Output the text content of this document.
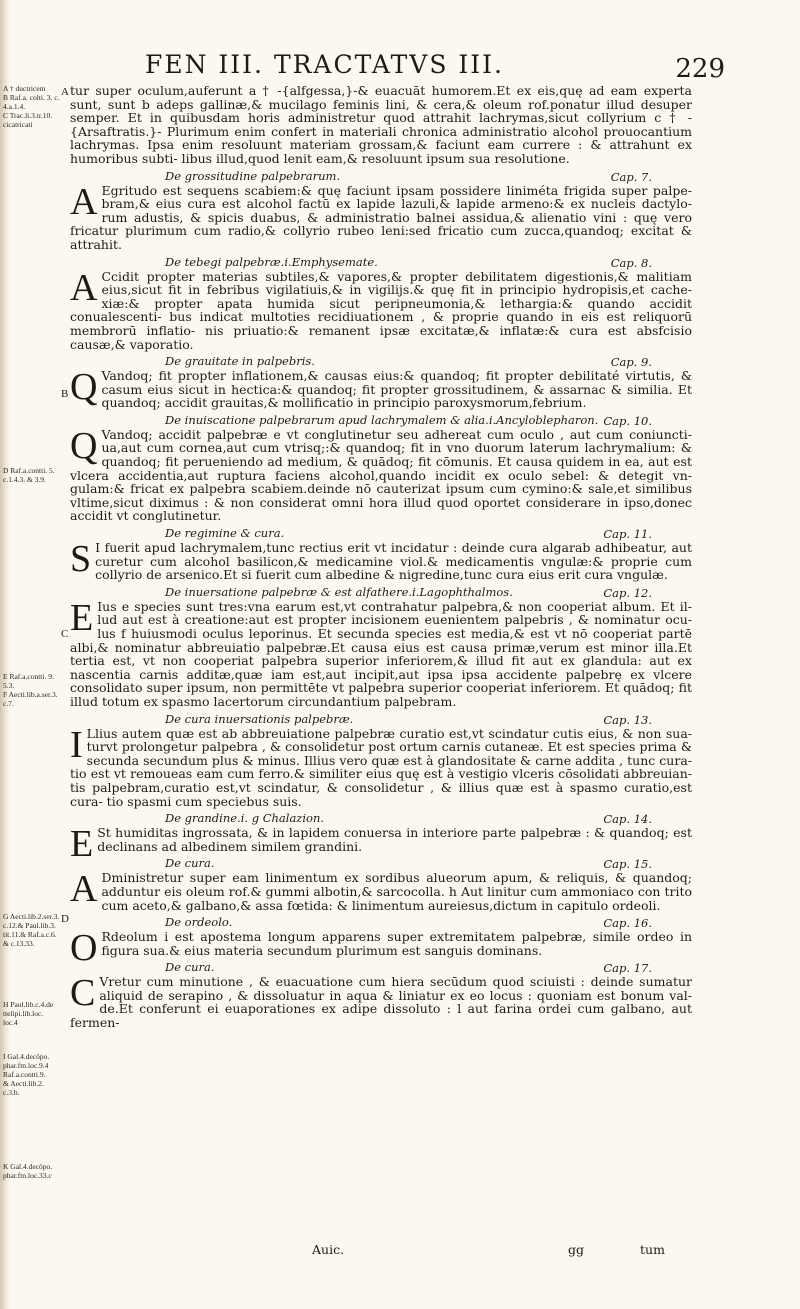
FEN III. TRACTATVS III.	229
A † ductricem
B Raf.a. colti. 3. c.
4.a.1.4.
C Trac.li.3.tr.10.
cicatricati
D Raf.a.contti. 5.
c.1.4.3. & 3.9.
E Raf.a.contti. 9.
5.3.
F Aecti.lib.a.ser.3.
c.7.
G Aecti.lib.2.ser.3.
c.12.& Paul.lib.3.
tit.11.& Raf.a.c.6.
& c.13.33.
H Paul.lib.c.4.de
ttelipi.lib.loc.
loc.4
I Gal.4.decöpo.
phar.fm.loc.9.4
Raf.a.contti.9.
& Aecti.lib.2.
c.3.b.
K Gal.4.decöpo.
phar.fm.loc.33.c
A
B
C
D

tur super oculum,auferunt a † -{alfgessa,}-& euacuāt humorem.Et ex eis,quę ad eam experta sunt, sunt b adeps gallinæ,& mucilago feminis lini, & cera,& oleum rof.ponatur illud desuper semper. Et in quibusdam horis administretur quod attrahit lachrymas,sicut collyrium c † -{Arsaftratis.}- Plurimum enim confert in materiali chronica administratio alcohol prouocantium lachrymas. Ipsa enim resoluunt materiam grossam,& faciunt eam currere : & attrahunt ex humoribus subti- libus illud,quod lenit eam,& resoluunt ipsum sua resolutione.

De grossitudine palpebrarum.	Cap. 7.

A Egritudo est sequens scabiem:& quę faciunt ipsam possidere liniméta frigida super palpe- bram,& eius cura est alcohol factū ex lapide lazuli,& lapide armeno:& ex nucleis dactylo- rum adustis, & spicis duabus, & administratio balnei assidua,& alienatio vini : quę vero fricatur plurimum cum radio,& collyrio rubeo leni:sed fricatio cum zucca,quandoq; excitat & attrahit.

De tebegi palpebræ.i.Emphysemate.	Cap. 8.

A Ccidit propter materias subtiles,& vapores,& propter debilitatem digestionis,& malitiam eius,sicut fit in febribus vigilatiuis,& in vigilijs.& quę fit in principio hydropisis,et cache- xiæ:& propter apata humida sicut peripneumonia,& lethargia:& quando accidit conualescenti- bus indicat multoties recidiuationem , & proprie quando in eis est reliquorū membrorū inflatio- nis priuatio:& remanent ipsæ excitatæ,& inflatæ:& cura est absfcisio causæ,& vaporatio.

De grauitate in palpebris.	Cap. 9.

Q Vandoq; fit propter inflationem,& causas eius:& quandoq; fit propter debilitaté virtutis, & casum eius sicut in hectica:& quandoq; fit propter grossitudinem, & assarnac & similia. Et quandoq; accidit grauitas,& mollificatio in principio paroxysmorum,febrium.

De inuiscatione palpebrarum apud lachrymalem & alia.i.Ancyloblepharon. Cap. 10.

Q Vandoq; accidit palpebræ e vt conglutinetur seu adhereat cum oculo , aut cum coniuncti- ua,aut cum cornea,aut cum vtrisq;:& quandoq; fit in vno duorum laterum lachrymalium: & quandoq; fit perueniendo ad medium, & quādoq; fit cōmunis. Et causa quidem in ea, aut est vlcera accidentia,aut ruptura faciens alcohol,quando incidit ex oculo sebel: & detegit vn- gulam:& fricat ex palpebra scabiem.deinde nō cauterizat ipsum cum cymino:& sale,et similibus vltime,sicut diximus : & non considerat omni hora illud quod oportet considerare in ipso,donec accidit vt conglutinetur.

De regimine & cura.	Cap. 11.

S I fuerit apud lachrymalem,tunc rectius erit vt incidatur : deinde cura algarab adhibeatur, aut curetur cum alcohol basilicon,& medicamine viol.& medicamentis vngulæ:& proprie cum collyrio de arsenico.Et si fuerit cum albedine & nigredine,tunc cura eius erit cura vngulæ.

De inuersatione palpebræ & est alfathere.i.Lagophthalmos.	Cap. 12.

E Ius e species sunt tres:vna earum est,vt contrahatur palpebra,& non cooperiat album. Et il- lud aut est à creatione:aut est propter incisionem euenientem palpebris , & nominatur ocu- lus f huiusmodi oculus leporinus. Et secunda species est media,& est vt nō cooperiat partē albi,& nominatur abbreuiatio palpebræ.Et causa eius est causa primæ,verum est minor illa.Et tertia est, vt non cooperiat palpebra superior inferiorem,& illud fit aut ex glandula: aut ex nascentia carnis additæ,quæ iam est,aut incipit,aut ipsa ipsa accidente palpebrę ex vlcere consolidato super ipsum, non permittēte vt palpebra superior cooperiat inferiorem. Et quādoq; fit illud totum ex spasmo lacertorum circundantium palpebram.

De cura inuersationis palpebræ.	Cap. 13.

I Llius autem quæ est ab abbreuiatione palpebræ curatio est,vt scindatur cutis eius, & non sua- turvt prolongetur palpebra , & consolidetur post ortum carnis cutaneæ. Et est species prima & secunda secundum plus & minus. Illius vero quæ est à glandositate & carne addita , tunc cura- tio est vt remoueas eam cum ferro.& similiter eius quę est à vestigio vlceris cōsolidati abbreuian- tis palpebram,curatio est,vt scindatur, & consolidetur , & illius quæ est à spasmo curatio,est cura- tio spasmi cum speciebus suis.

De grandine.i. g Chalazion.	Cap. 14.

E St humiditas ingrossata, & in lapidem conuersa in interiore parte palpebræ : & quandoq; est declinans ad albedinem similem grandini.

De cura.	Cap. 15.

A Dministretur super eam linimentum ex sordibus alueorum apum, & reliquis, & quandoq; adduntur eis oleum rof.& gummi albotin,& sarcocolla. h Aut linitur cum ammoniaco con trito cum aceto,& galbano,& assa fœtida: & linimentum aureiesus,dictum in capitulo ordeoli.

De ordeolo.	Cap. 16.

O Rdeolum i est apostema longum apparens super extremitatem palpebræ, simile ordeo in figura sua.& eius materia secundum plurimum est sanguis dominans.

De cura.	Cap. 17.

C Vretur cum minutione , & euacuatione cum hiera secūdum quod sciuisti : deinde sumatur aliquid de serapino , & dissoluatur in aqua & liniatur ex eo locus : quoniam est bonum val- de.Et conferunt ei euaporationes ex adipe dissoluto : l aut farina ordei cum galbano, aut fermen-

Auic.	gg	tum
